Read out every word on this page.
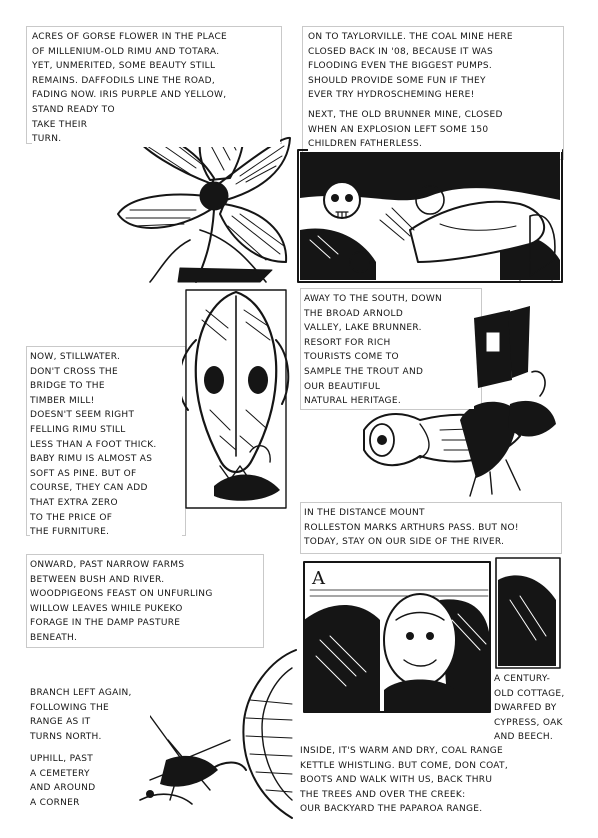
A
ACRES OF GORSE FLOWER IN THE PLACE
OF MILLENIUM-OLD RIMU AND TOTARA.
YET, UNMERITED, SOME BEAUTY STILL
REMAINS. DAFFODILS LINE THE ROAD,
FADING NOW. IRIS PURPLE AND YELLOW,
STAND READY TO
TAKE THEIR
TURN.
ON TO TAYLORVILLE. THE COAL MINE HERE
CLOSED BACK IN '08, BECAUSE IT WAS
FLOODING EVEN THE BIGGEST PUMPS.
SHOULD PROVIDE SOME FUN IF THEY
EVER TRY HYDROSCHEMING HERE!
NEXT, THE OLD BRUNNER MINE, CLOSED
WHEN AN EXPLOSION LEFT SOME 150
CHILDREN FATHERLESS.
AWAY TO THE SOUTH, DOWN
THE BROAD ARNOLD
VALLEY, LAKE BRUNNER.
RESORT FOR RICH
TOURISTS COME TO
SAMPLE THE TROUT AND
OUR BEAUTIFUL
NATURAL HERITAGE.
NOW, STILLWATER.
DON'T CROSS THE
BRIDGE TO THE
TIMBER MILL!
DOESN'T SEEM RIGHT
FELLING RIMU STILL
LESS THAN A FOOT THICK.
BABY RIMU IS ALMOST AS
SOFT AS PINE. BUT OF
COURSE, THEY CAN ADD
THAT EXTRA ZERO
TO THE PRICE OF
THE FURNITURE.
IN THE DISTANCE MOUNT
ROLLESTON MARKS ARTHURS PASS. BUT NO!
TODAY, STAY ON OUR SIDE OF THE RIVER.
ONWARD, PAST NARROW FARMS
BETWEEN BUSH AND RIVER.
WOODPIGEONS FEAST ON UNFURLING
WILLOW LEAVES WHILE PUKEKO
FORAGE IN THE DAMP PASTURE
BENEATH.
BRANCH LEFT AGAIN,
FOLLOWING THE
RANGE AS IT
TURNS NORTH.
UPHILL, PAST
A CEMETERY
AND AROUND
A CORNER
A CENTURY-
OLD COTTAGE,
DWARFED BY
CYPRESS, OAK
AND BEECH.
INSIDE, IT'S WARM AND DRY, COAL RANGE
KETTLE WHISTLING. BUT COME, DON COAT,
BOOTS AND WALK WITH US, BACK THRU
THE TREES AND OVER THE CREEK:
OUR BACKYARD THE PAPAROA RANGE.
